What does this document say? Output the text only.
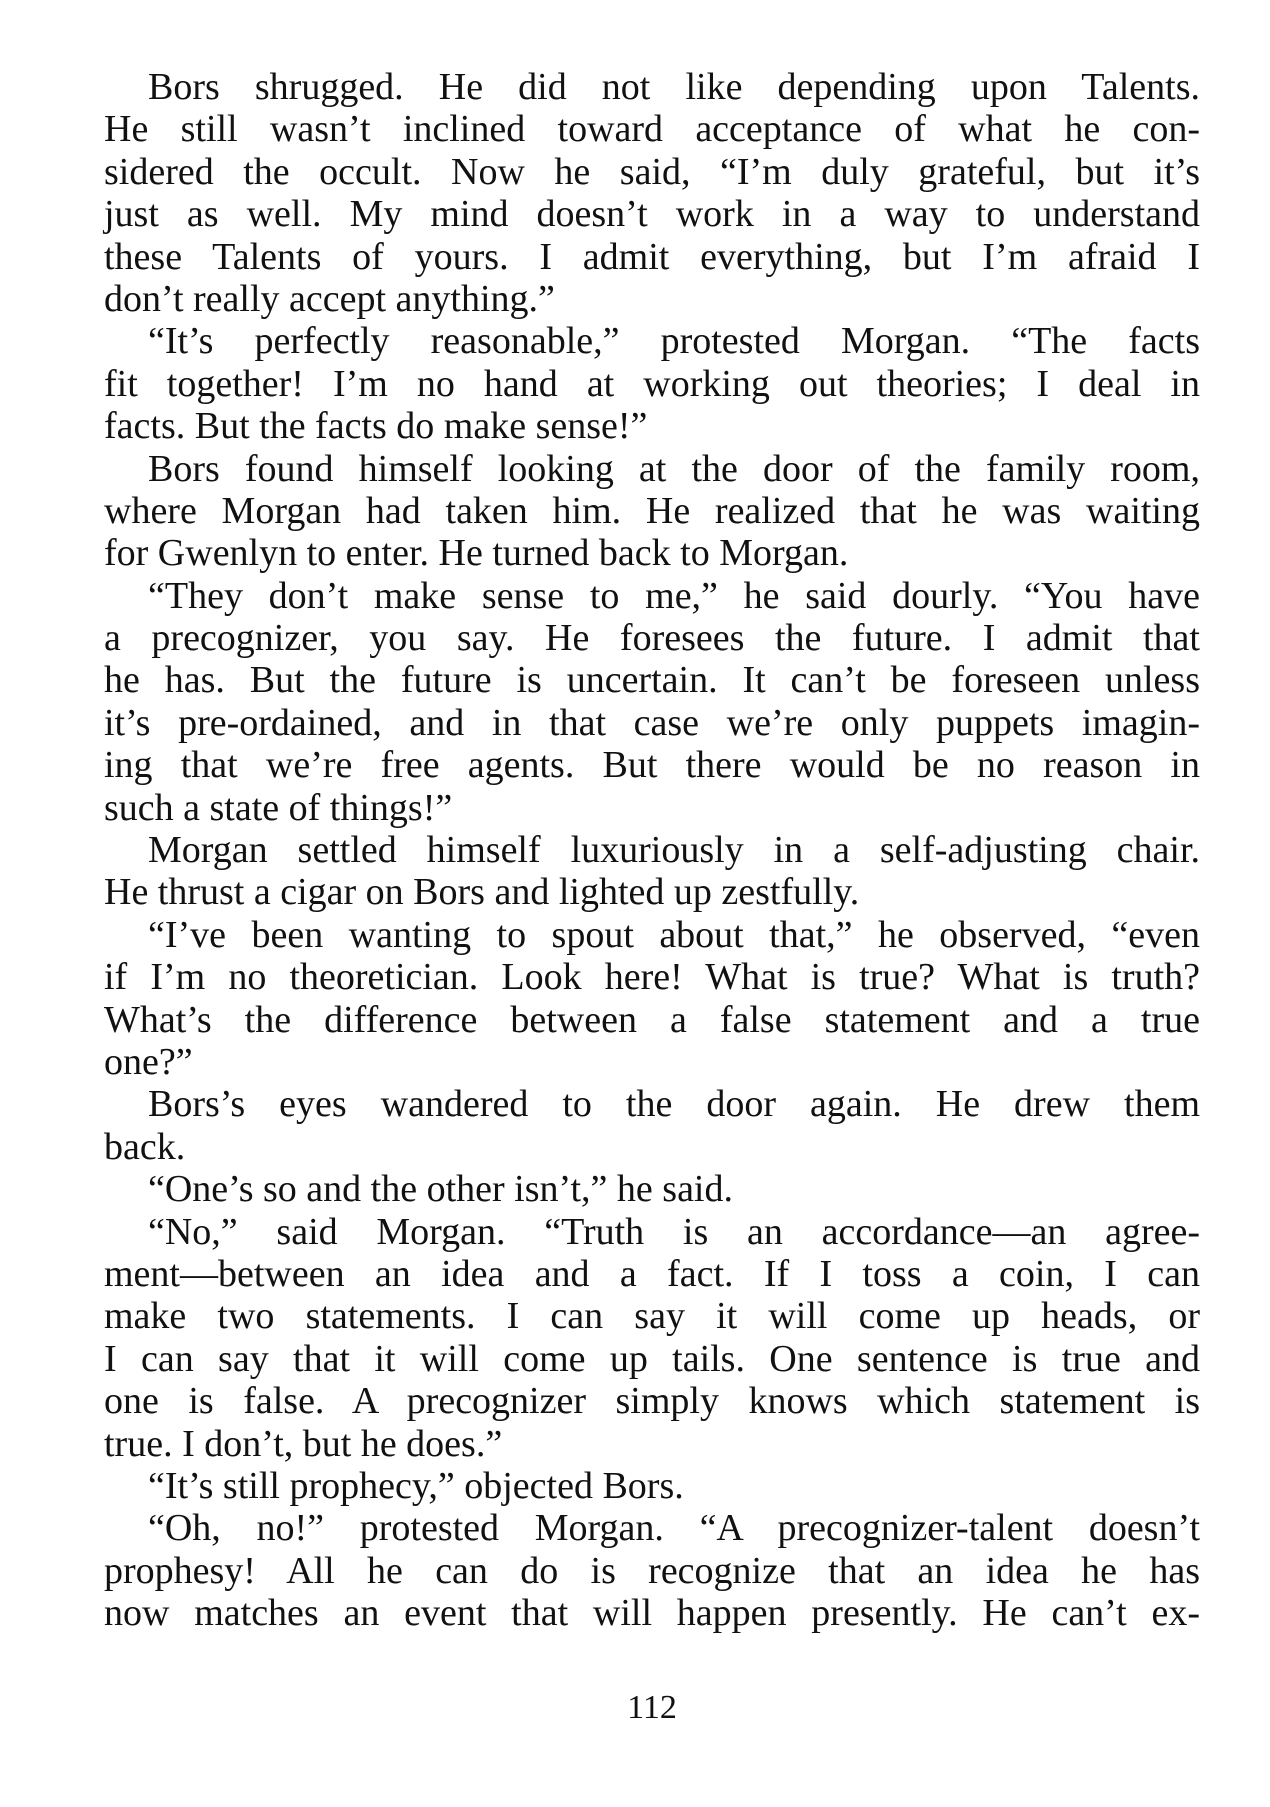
Bors shrugged. He did not like depending upon Talents.
He still wasn’t inclined toward acceptance of what he con-
sidered the occult. Now he said, “I’m duly grateful, but it’s
just as well. My mind doesn’t work in a way to understand
these Talents of yours. I admit everything, but I’m afraid I
don’t really accept anything.”
“It’s perfectly reasonable,” protested Morgan. “The facts
fit together! I’m no hand at working out theories; I deal in
facts. But the facts do make sense!”
Bors found himself looking at the door of the family room,
where Morgan had taken him. He realized that he was waiting
for Gwenlyn to enter. He turned back to Morgan.
“They don’t make sense to me,” he said dourly. “You have
a precognizer, you say. He foresees the future. I admit that
he has. But the future is uncertain. It can’t be foreseen unless
it’s pre-ordained, and in that case we’re only puppets imagin-
ing that we’re free agents. But there would be no reason in
such a state of things!”
Morgan settled himself luxuriously in a self-adjusting chair.
He thrust a cigar on Bors and lighted up zestfully.
“I’ve been wanting to spout about that,” he observed, “even
if I’m no theoretician. Look here! What is true? What is truth?
What’s the difference between a false statement and a true
one?”
Bors’s eyes wandered to the door again. He drew them
back.
“One’s so and the other isn’t,” he said.
“No,” said Morgan. “Truth is an accordance—an agree-
ment—between an idea and a fact. If I toss a coin, I can
make two statements. I can say it will come up heads, or
I can say that it will come up tails. One sentence is true and
one is false. A precognizer simply knows which statement is
true. I don’t, but he does.”
“It’s still prophecy,” objected Bors.
“Oh, no!” protested Morgan. “A precognizer-talent doesn’t
prophesy! All he can do is recognize that an idea he has
now matches an event that will happen presently. He can’t ex-
112
